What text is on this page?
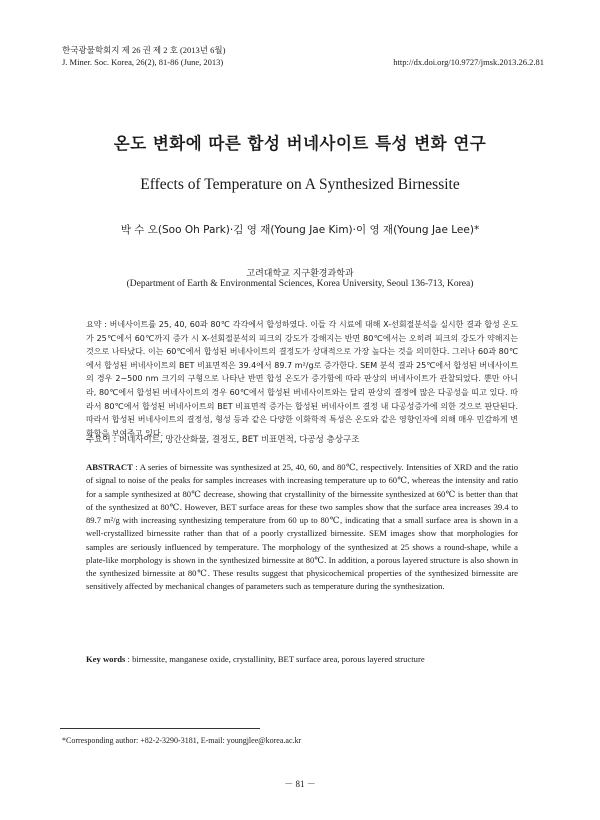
한국광물학회지 제 26 권 제 2 호 (2013년 6월)
J. Miner. Soc. Korea, 26(2), 81-86 (June, 2013)	http://dx.doi.org/10.9727/jmsk.2013.26.2.81
온도 변화에 따른 합성 버네사이트 특성 변화 연구
Effects of Temperature on A Synthesized Birnessite
박 수 오(Soo Oh Park)·김 영 재(Young Jae Kim)·이 영 재(Young Jae Lee)*
고려대학교 지구환경과학과
(Department of Earth & Environmental Sciences, Korea University, Seoul 136-713, Korea)

요약 : 버네사이트를 25, 40, 60과 80℃ 각각에서 합성하였다. 이들 각 시료에 대해 X-선회절분석을 실시한 결과 합성 온도가 25℃에서 60℃까지 증가 시 X-선회절분석의 피크의 강도가 강해지는 반면 80℃에서는 오히려 피크의 강도가 약해지는 것으로 나타났다. 이는 60℃에서 합성된 버네사이트의 결정도가 상대적으로 가장 높다는 것을 의미한다. 그러나 60과 80℃에서 합성된 버네사이트의 BET 비표면적은 39.4에서 89.7 m²/g로 증가한다. SEM 분석 결과 25℃에서 합성된 버네사이트의 경우 2∼500 nm 크기의 구형으로 나타난 반면 합성 온도가 증가함에 따라 판상의 버네사이트가 관찰되었다. 뿐만 아니라, 80℃에서 합성된 버네사이트의 경우 60℃에서 합성된 버네사이트와는 달리 판상의 결정에 많은 다공성을 띠고 있다. 따라서 80℃에서 합성된 버네사이트의 BET 비표면적 증가는 합성된 버네사이트 결정 내 다공성증가에 의한 것으로 판단된다. 따라서 합성된 버네사이트의 결정성, 형성 등과 같은 다양한 이화학적 특성은 온도와 같은 영향인자에 의해 매우 민감하게 변화함을 보여주고 있다.

주요어 : 버네사이트, 망간산화물, 결정도, BET 비표면적, 다공성 층상구조

ABSTRACT : A series of birnessite was synthesized at 25, 40, 60, and 80℃, respectively. Intensities of XRD and the ratio of signal to noise of the peaks for samples increases with increasing temperature up to 60℃, whereas the intensity and ratio for a sample synthesized at 80℃ decrease, showing that crystallinity of the birnessite synthesized at 60℃ is better than that of the synthesized at 80℃. However, BET surface areas for these two samples show that the surface area increases 39.4 to 89.7 m²/g with increasing synthesizing temperature from 60 up to 80℃, indicating that a small surface area is shown in a well-crystallized birnessite rather than that of a poorly crystallized birnessite. SEM images show that morphologies for samples are seriously influenced by temperature. The morphology of the synthesized at 25 shows a round-shape, while a plate-like morphology is shown in the synthesized birnessite at 80℃. In addition, a porous layered structure is also shown in the synthesized birnessite at 80℃. These results suggest that physicochemical properties of the synthesized birnessite are sensitively affected by mechanical changes of parameters such as temperature during the synthesization.

Key words : birnessite, manganese oxide, crystallinity, BET surface area, porous layered structure

*Corresponding author: +82-2-3290-3181, E-mail: youngjlee@korea.ac.kr

－ 81 －
